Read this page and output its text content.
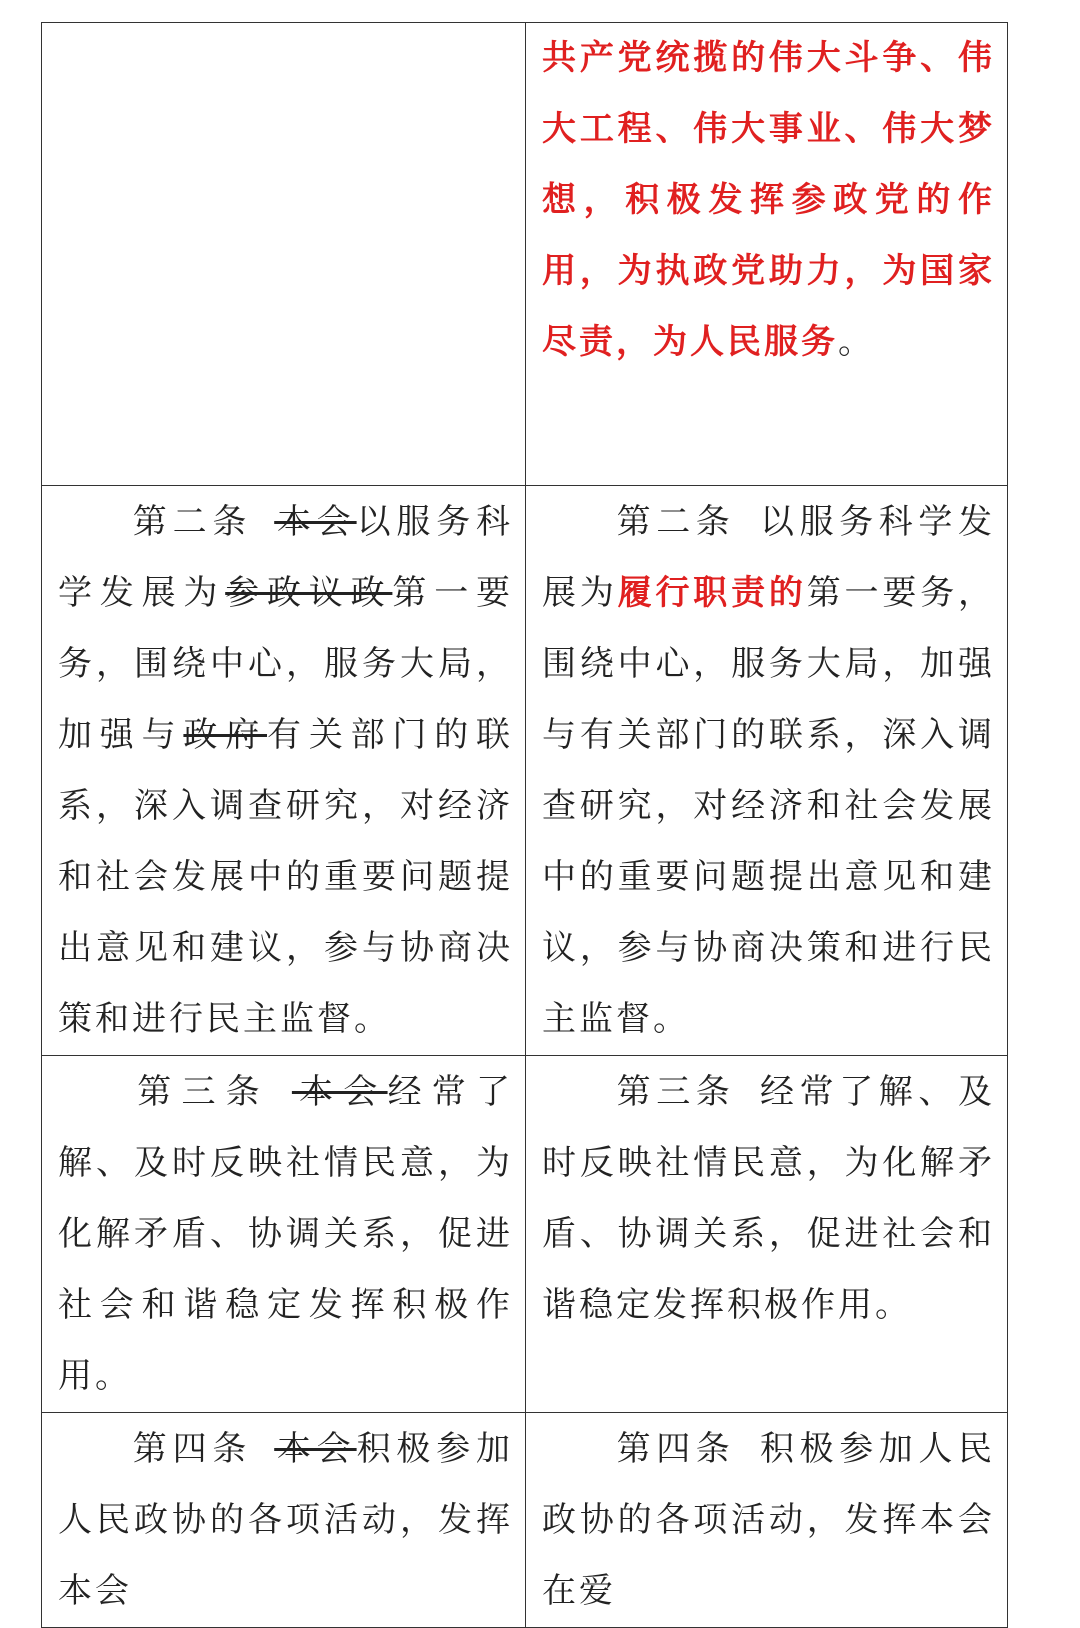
	共产党统揽的伟大斗争、伟大工程、伟大事业、伟大梦想，积极发挥参政党的作用，为执政党助力，为国家尽责，为人民服务。

第二条 本会以服务科学发展为参政议政第一要务，围绕中心，服务大局，加强与政府有关部门的联系，深入调查研究，对经济和社会发展中的重要问题提出意见和建议，参与协商决策和进行民主监督。	第二条 以服务科学发展为履行职责的第一要务，围绕中心，服务大局，加强与有关部门的联系，深入调查研究，对经济和社会发展中的重要问题提出意见和建议，参与协商决策和进行民主监督。

第三条 本会经常了解、及时反映社情民意，为化解矛盾、协调关系，促进社会和谐稳定发挥积极作用。	第三条 经常了解、及时反映社情民意，为化解矛盾、协调关系，促进社会和谐稳定发挥积极作用。

第四条 本会积极参加人民政协的各项活动，发挥本会	第四条 积极参加人民政协的各项活动，发挥本会在爱
